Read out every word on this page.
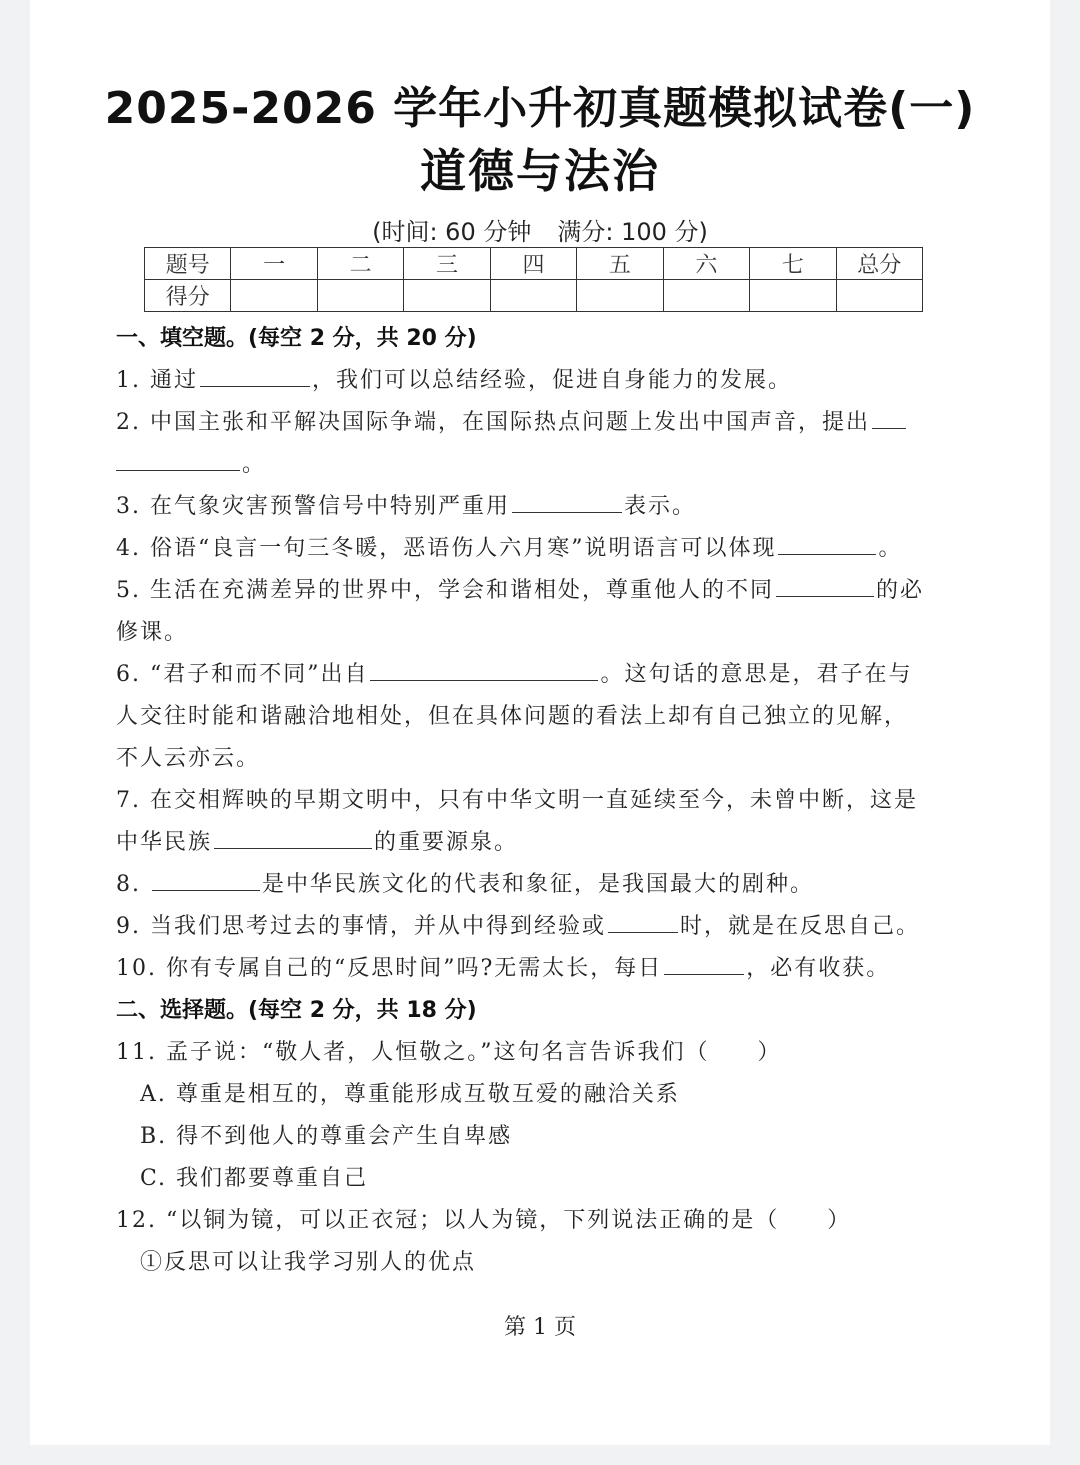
2025-2026 学年小升初真题模拟试卷(一)
道德与法治
(时间: 60 分钟 满分: 100 分)
题号	一	二	三	四	五	六	七	总分
得分								
一、填空题。(每空 2 分，共 20 分)
1. 通过	，我们可以总结经验，促进自身能力的发展。
2. 中国主张和平解决国际争端，在国际热点问题上发出中国声音，提出
。
3. 在气象灾害预警信号中特别严重用	表示。
4. 俗语“良言一句三冬暖，恶语伤人六月寒”说明语言可以体现	。
5. 生活在充满差异的世界中，学会和谐相处，尊重他人的不同	的必
修课。
6. “君子和而不同”出自	。这句话的意思是，君子在与
人交往时能和谐融洽地相处，但在具体问题的看法上却有自己独立的见解，
不人云亦云。
7. 在交相辉映的早期文明中，只有中华文明一直延续至今，未曾中断，这是
中华民族	的重要源泉。
8.	是中华民族文化的代表和象征，是我国最大的剧种。
9. 当我们思考过去的事情，并从中得到经验或	时，就是在反思自己。
10. 你有专属自己的“反思时间”吗?无需太长，每日	，必有收获。
二、选择题。(每空 2 分，共 18 分)
11. 孟子说：“敬人者，人恒敬之。”这句名言告诉我们（　　）
A. 尊重是相互的，尊重能形成互敬互爱的融洽关系
B. 得不到他人的尊重会产生自卑感
C. 我们都要尊重自己
12. “以铜为镜，可以正衣冠；以人为镜，下列说法正确的是（　　）
①反思可以让我学习别人的优点
第 1 页
